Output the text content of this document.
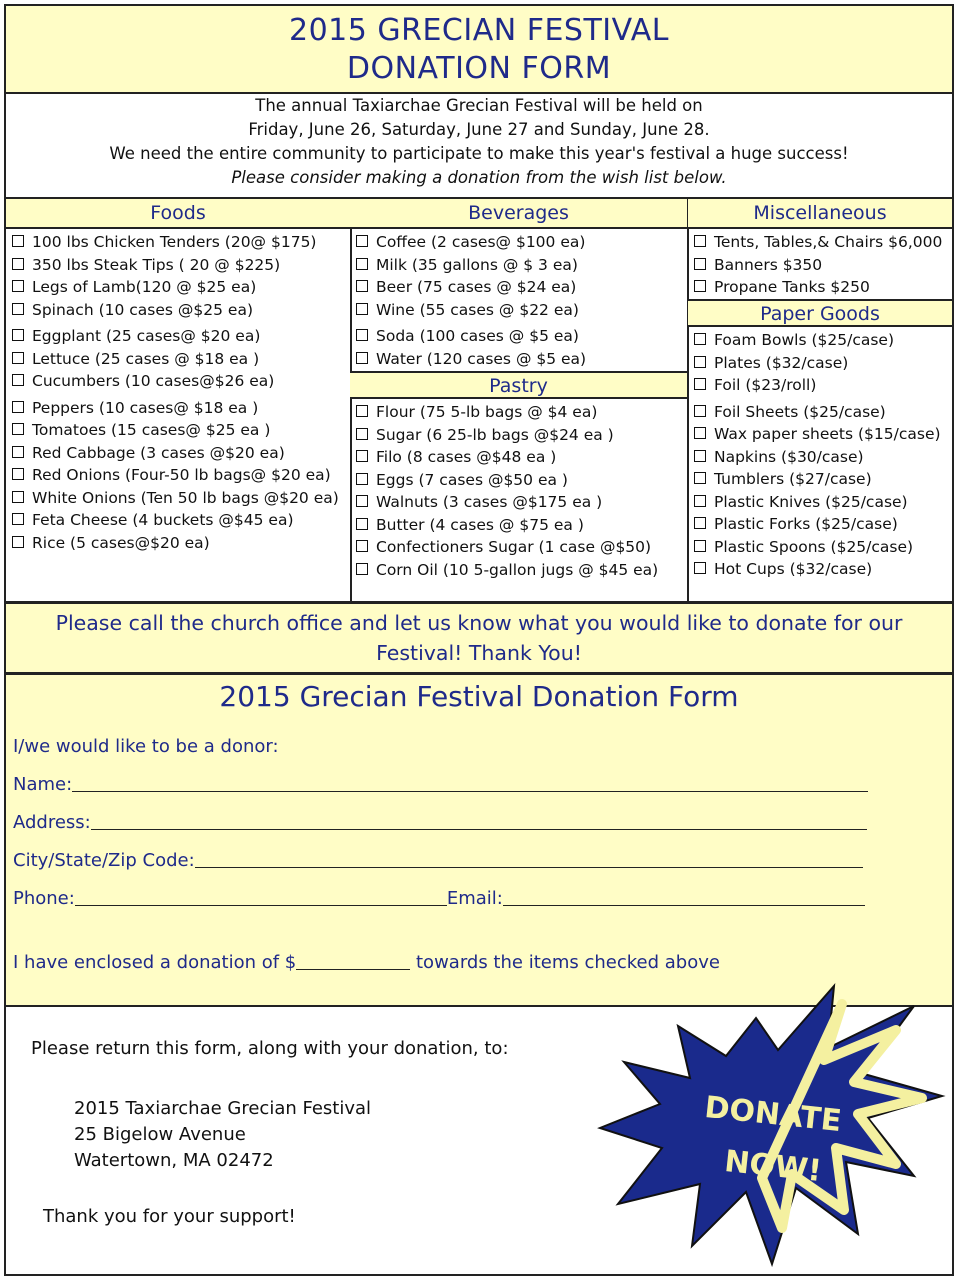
2015 GRECIAN FESTIVAL
DONATION FORM
The annual Taxiarchae Grecian Festival will be held on
Friday, June 26, Saturday, June 27 and Sunday, June 28.
We need the entire community to participate to make this year's festival a huge success!
Please consider making a donation from the wish list below.
Foods
100 lbs Chicken Tenders (20@ $175)
350 lbs Steak Tips ( 20 @ $225)
Legs of Lamb(120 @ $25 ea)
Spinach (10 cases @$25 ea)
Eggplant (25 cases@ $20 ea)
Lettuce (25 cases @ $18 ea )
Cucumbers (10 cases@$26 ea)
Peppers (10 cases@ $18 ea )
Tomatoes (15 cases@ $25 ea )
Red Cabbage (3 cases @$20 ea)
Red Onions (Four-50 lb bags@ $20 ea)
White Onions (Ten 50 lb bags @$20 ea)
Feta Cheese (4 buckets @$45 ea)
Rice (5 cases@$20 ea)
Beverages
Coffee (2 cases@ $100 ea)
Milk (35 gallons @ $ 3 ea)
Beer (75 cases @ $24 ea)
Wine (55 cases @ $22 ea)
Soda (100 cases @ $5 ea)
Water (120 cases @ $5 ea)
Pastry
Flour (75 5-lb bags @ $4 ea)
Sugar (6 25-lb bags @$24 ea )
Filo (8 cases @$48 ea )
Eggs (7 cases @$50 ea )
Walnuts (3 cases @$175 ea )
Butter (4 cases @ $75 ea )
Confectioners Sugar (1 case @$50)
Corn Oil (10 5-gallon jugs @ $45 ea)
Miscellaneous
Tents, Tables,& Chairs $6,000
Banners $350
Propane Tanks $250
Paper Goods
Foam Bowls ($25/case)
Plates ($32/case)
Foil ($23/roll)
Foil Sheets ($25/case)
Wax paper sheets ($15/case)
Napkins ($30/case)
Tumblers ($27/case)
Plastic Knives ($25/case)
Plastic Forks ($25/case)
Plastic Spoons ($25/case)
Hot Cups ($32/case)
Please call the church office and let us know what you would like to donate for our
Festival! Thank You!
2015 Grecian Festival Donation Form
I/we would like to be a donor:
Name:
Address:
City/State/Zip Code:
Phone:	Email:
I have enclosed a donation of $	towards the items checked above
Please return this form, along with your donation, to:
2015 Taxiarchae Grecian Festival
25 Bigelow Avenue
Watertown, MA 02472
Thank you for your support!
DONATE
NOW!
